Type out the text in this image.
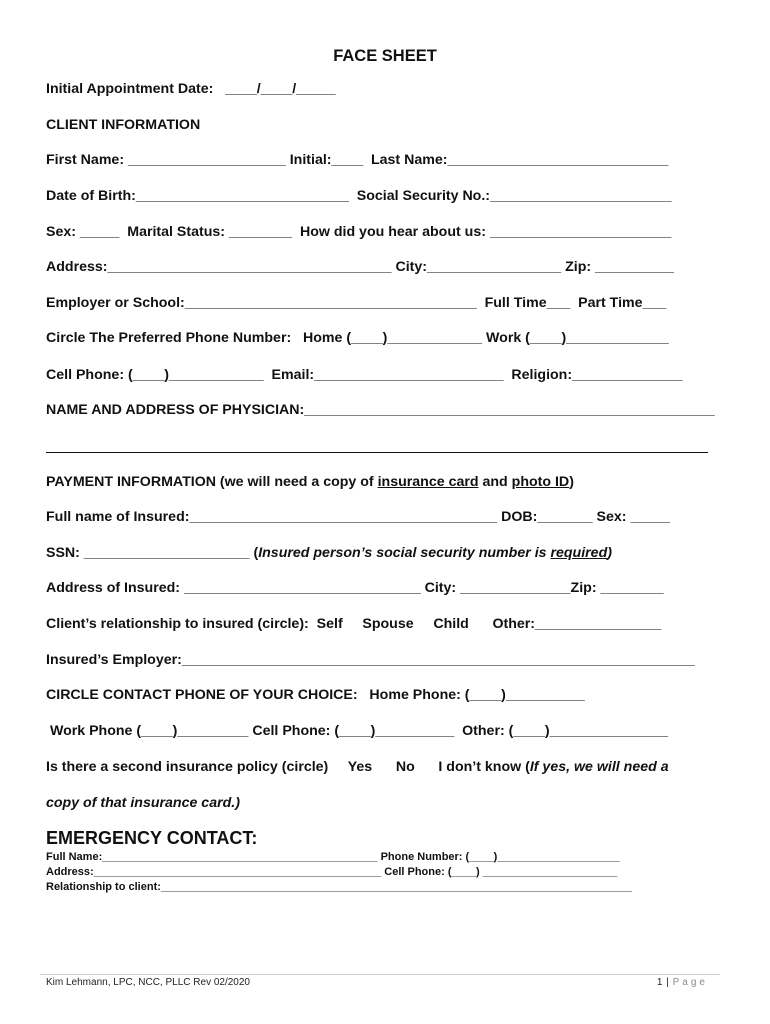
FACE SHEET
Initial Appointment Date:   ____/____/_____
CLIENT INFORMATION
First Name: ____________________ Initial:____  Last Name:____________________________
Date of Birth:___________________________  Social Security No.:_______________________
Sex: _____  Marital Status: ________  How did you hear about us: _______________________
Address:____________________________________ City:_________________ Zip: __________
Employer or School:_____________________________________  Full Time___  Part Time___
Circle The Preferred Phone Number:   Home (____)____________ Work (____)_____________
Cell Phone: (____)____________  Email:________________________  Religion:______________
NAME AND ADDRESS OF PHYSICIAN:____________________________________________________
PAYMENT INFORMATION (we will need a copy of insurance card and photo ID)
Full name of Insured:_______________________________________ DOB:_______ Sex: _____
SSN: _____________________ (Insured person’s social security number is required)
Address of Insured: ______________________________ City: ______________Zip: ________
Client’s relationship to insured (circle):  Self     Spouse     Child      Other:________________
Insured’s Employer:_________________________________________________________________
CIRCLE CONTACT PHONE OF YOUR CHOICE:   Home Phone: (____)__________
Work Phone (____)_________ Cell Phone: (____)__________  Other: (____)_______________
Is there a second insurance policy (circle)     Yes      No      I don’t know (If yes, we will need a
copy of that insurance card.)
EMERGENCY CONTACT:
Full Name:_____________________________________________ Phone Number: (____)____________________
Address:_______________________________________________ Cell Phone: (____) ______________________
Relationship to client:_____________________________________________________________________________
Kim Lehmann, LPC, NCC, PLLC Rev 02/2020	1 | Page
